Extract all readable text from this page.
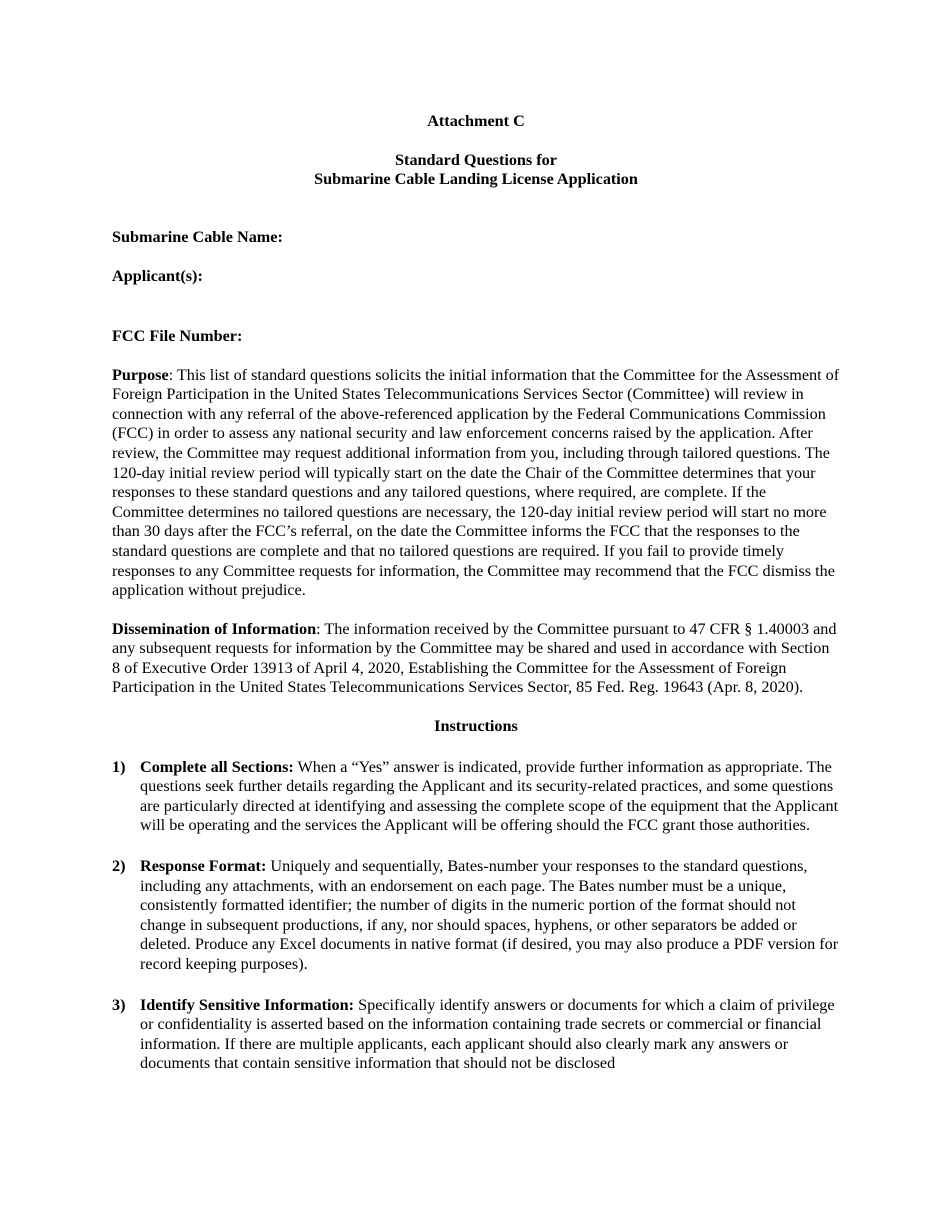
Attachment C
Standard Questions for
Submarine Cable Landing License Application
Submarine Cable Name:
Applicant(s):
FCC File Number:

Purpose: This list of standard questions solicits the initial information that the Committee for the Assessment of Foreign Participation in the United States Telecommunications Services Sector (Committee) will review in connection with any referral of the above-referenced application by the Federal Communications Commission (FCC) in order to assess any national security and law enforcement concerns raised by the application. After review, the Committee may request additional information from you, including through tailored questions. The 120-day initial review period will typically start on the date the Chair of the Committee determines that your responses to these standard questions and any tailored questions, where required, are complete. If the Committee determines no tailored questions are necessary, the 120-day initial review period will start no more than 30 days after the FCC’s referral, on the date the Committee informs the FCC that the responses to the standard questions are complete and that no tailored questions are required. If you fail to provide timely responses to any Committee requests for information, the Committee may recommend that the FCC dismiss the application without prejudice.

Dissemination of Information: The information received by the Committee pursuant to 47 CFR § 1.40003 and any subsequent requests for information by the Committee may be shared and used in accordance with Section 8 of Executive Order 13913 of April 4, 2020, Establishing the Committee for the Assessment of Foreign Participation in the United States Telecommunications Services Sector, 85 Fed. Reg. 19643 (Apr. 8, 2020).

Instructions
1) Complete all Sections: When a “Yes” answer is indicated, provide further information as appropriate. The questions seek further details regarding the Applicant and its security-related practices, and some questions are particularly directed at identifying and assessing the complete scope of the equipment that the Applicant will be operating and the services the Applicant will be offering should the FCC grant those authorities.
2) Response Format: Uniquely and sequentially, Bates-number your responses to the standard questions, including any attachments, with an endorsement on each page. The Bates number must be a unique, consistently formatted identifier; the number of digits in the numeric portion of the format should not change in subsequent productions, if any, nor should spaces, hyphens, or other separators be added or deleted. Produce any Excel documents in native format (if desired, you may also produce a PDF version for record keeping purposes).
3) Identify Sensitive Information: Specifically identify answers or documents for which a claim of privilege or confidentiality is asserted based on the information containing trade secrets or commercial or financial information. If there are multiple applicants, each applicant should also clearly mark any answers or documents that contain sensitive information that should not be disclosed
